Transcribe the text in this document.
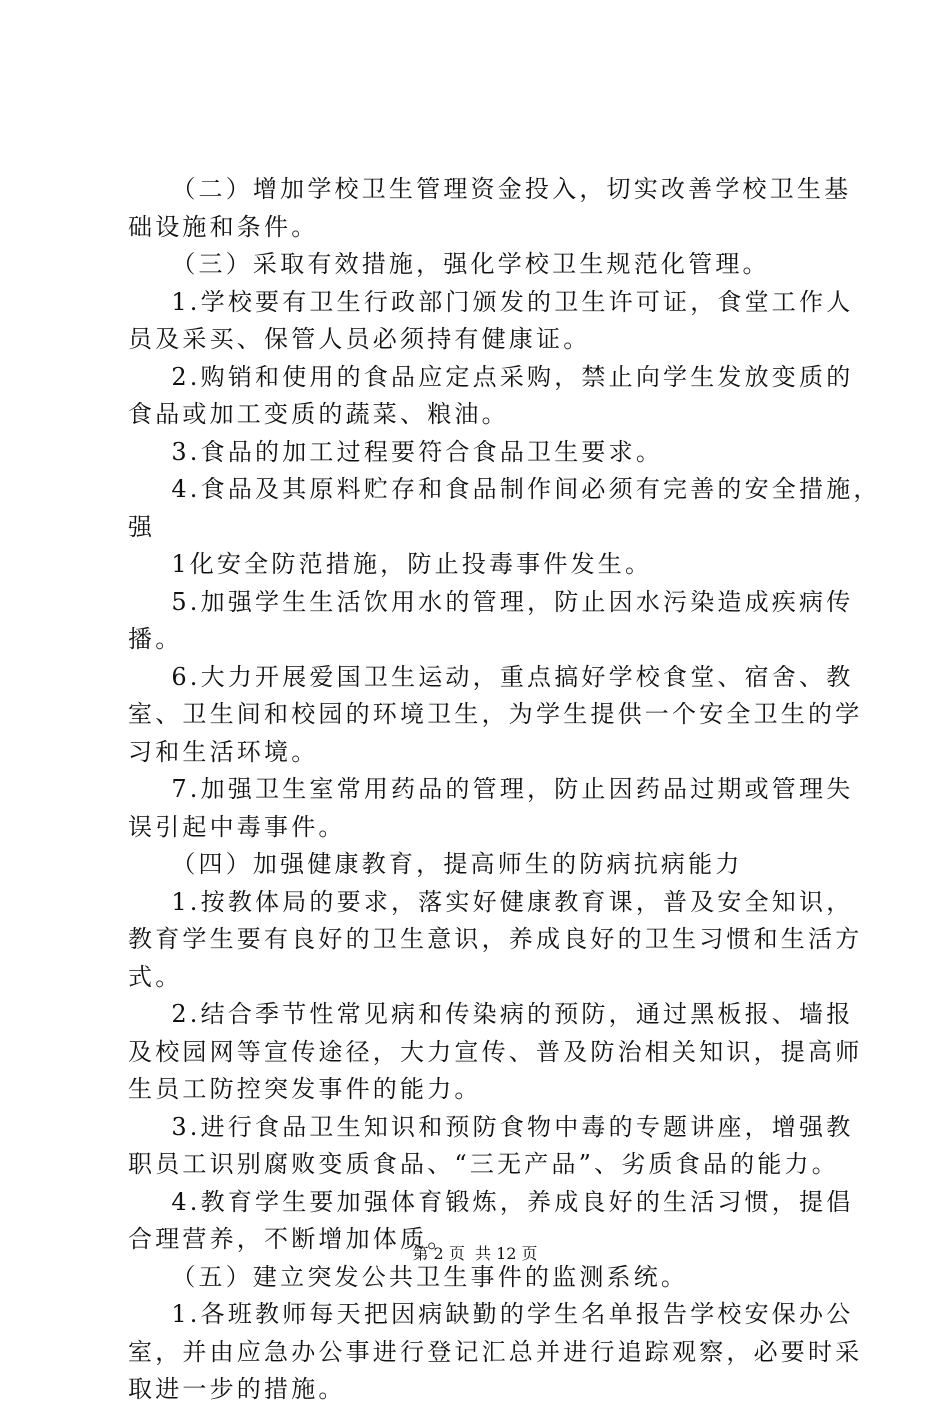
（二）增加学校卫生管理资金投入，切实改善学校卫生基
础设施和条件。
（三）采取有效措施，强化学校卫生规范化管理。
1.学校要有卫生行政部门颁发的卫生许可证，食堂工作人
员及采买、保管人员必须持有健康证。
2.购销和使用的食品应定点采购，禁止向学生发放变质的
食品或加工变质的蔬菜、粮油。
3.食品的加工过程要符合食品卫生要求。
4.食品及其原料贮存和食品制作间必须有完善的安全措施，
强
1化安全防范措施，防止投毒事件发生。
5.加强学生生活饮用水的管理，防止因水污染造成疾病传
播。
6.大力开展爱国卫生运动，重点搞好学校食堂、宿舍、教
室、卫生间和校园的环境卫生，为学生提供一个安全卫生的学
习和生活环境。
7.加强卫生室常用药品的管理，防止因药品过期或管理失
误引起中毒事件。
（四）加强健康教育，提高师生的防病抗病能力
1.按教体局的要求，落实好健康教育课，普及安全知识，
教育学生要有良好的卫生意识，养成良好的卫生习惯和生活方
式。
2.结合季节性常见病和传染病的预防，通过黑板报、墙报
及校园网等宣传途径，大力宣传、普及防治相关知识，提高师
生员工防控突发事件的能力。
3.进行食品卫生知识和预防食物中毒的专题讲座，增强教
职员工识别腐败变质食品、“三无产品”、劣质食品的能力。
4.教育学生要加强体育锻炼，养成良好的生活习惯，提倡
合理营养，不断增加体质。
（五）建立突发公共卫生事件的监测系统。
1.各班教师每天把因病缺勤的学生名单报告学校安保办公
室，并由应急办公事进行登记汇总并进行追踪观察，必要时采
取进一步的措施。
第 2 页  共 12 页
